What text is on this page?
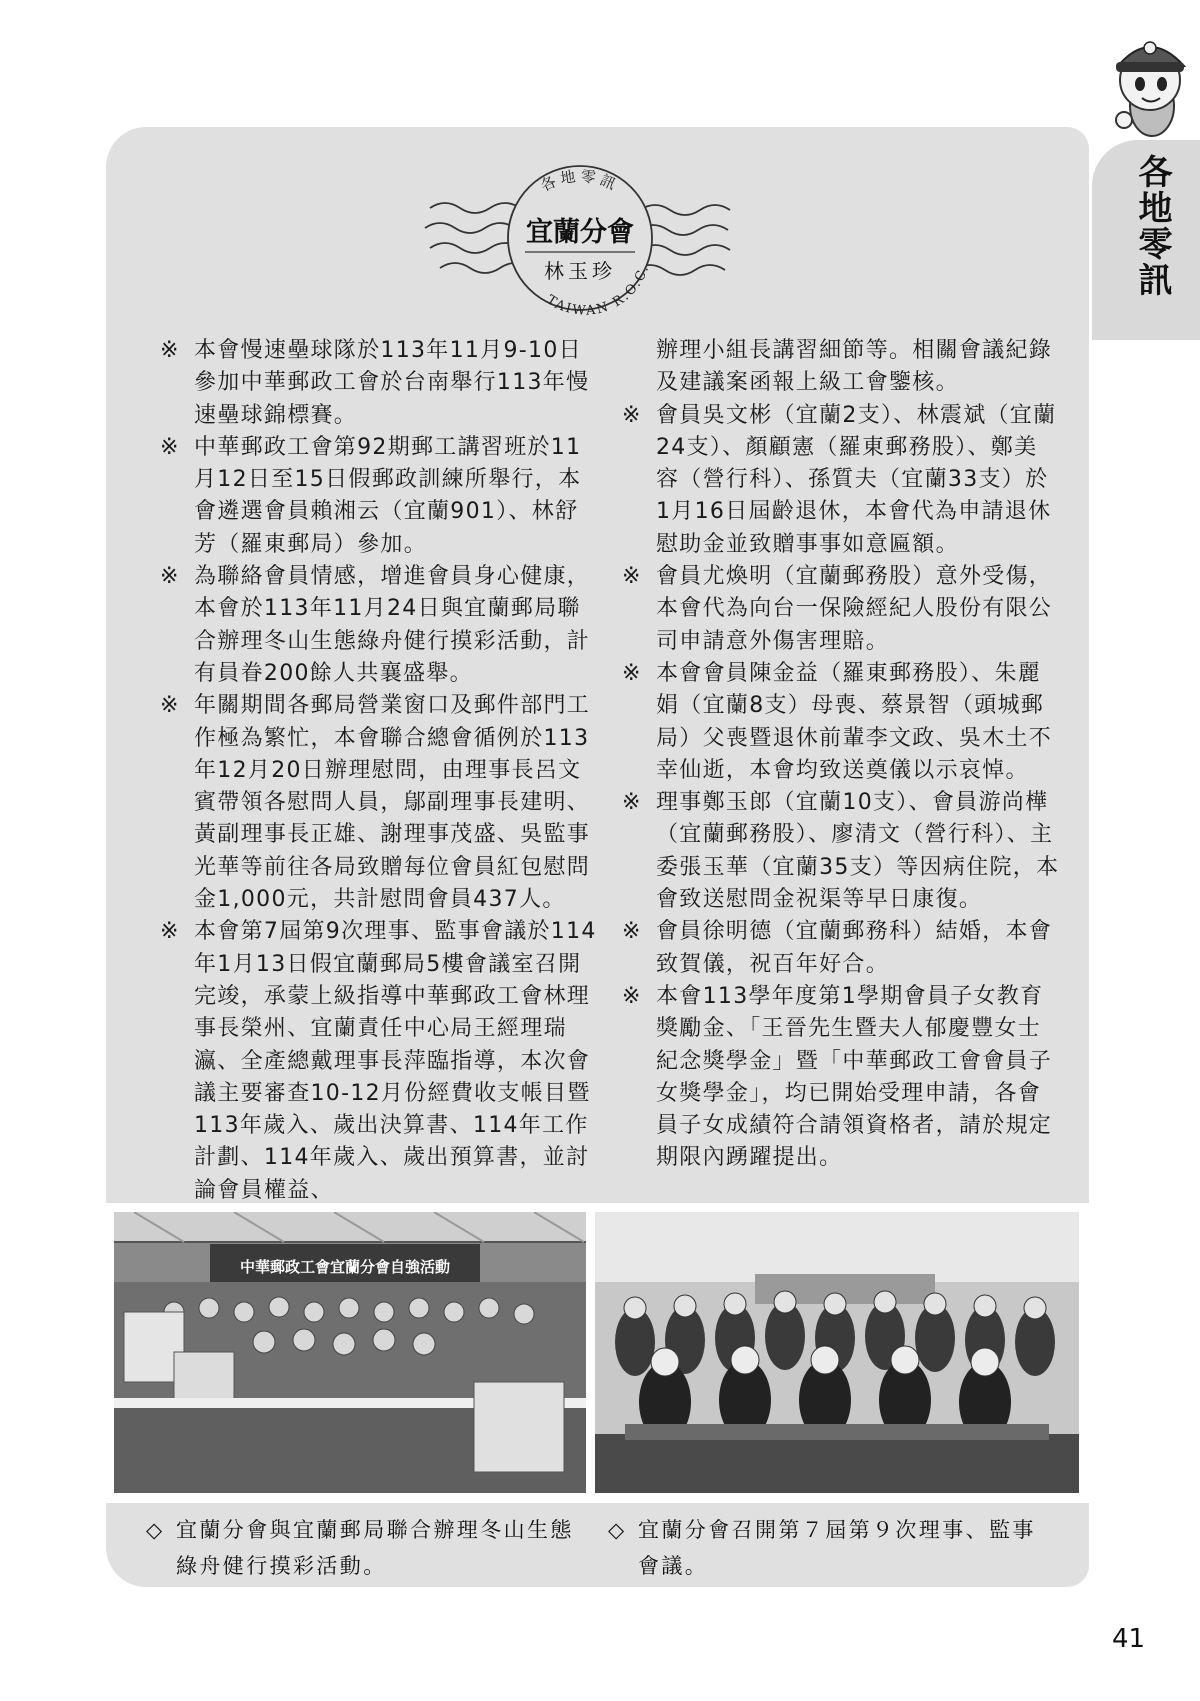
各地零訊
各地零訊
宜蘭分會
林玉珍
TAIWAN R.O.C.
※ 本會慢速壘球隊於113年11月9-10日參加中華郵政工會於台南舉行113年慢速壘球錦標賽。
※ 中華郵政工會第92期郵工講習班於11月12日至15日假郵政訓練所舉行，本會遴選會員賴湘云（宜蘭901）、林舒芳（羅東郵局）參加。
※ 為聯絡會員情感，增進會員身心健康，本會於113年11月24日與宜蘭郵局聯合辦理冬山生態綠舟健行摸彩活動，計有員眷200餘人共襄盛舉。
※ 年關期間各郵局營業窗口及郵件部門工作極為繁忙，本會聯合總會循例於113年12月20日辦理慰問，由理事長呂文賓帶領各慰問人員，鄔副理事長建明、黃副理事長正雄、謝理事茂盛、吳監事光華等前往各局致贈每位會員紅包慰問金1,000元，共計慰問會員437人。
※ 本會第7屆第9次理事、監事會議於114年1月13日假宜蘭郵局5樓會議室召開完竣，承蒙上級指導中華郵政工會林理事長榮州、宜蘭責任中心局王經理瑞瀛、全產總戴理事長萍臨指導，本次會議主要審查10-12月份經費收支帳目暨113年歲入、歲出決算書、114年工作計劃、114年歲入、歲出預算書，並討論會員權益、
辦理小組長講習細節等。相關會議紀錄及建議案函報上級工會鑒核。
※ 會員吳文彬（宜蘭2支）、林震斌（宜蘭24支）、顏顧憲（羅東郵務股）、鄭美容（營行科）、孫質夫（宜蘭33支）於1月16日屆齡退休，本會代為申請退休慰助金並致贈事事如意匾額。
※ 會員尤煥明（宜蘭郵務股）意外受傷，本會代為向台一保險經紀人股份有限公司申請意外傷害理賠。
※ 本會會員陳金益（羅東郵務股）、朱麗娟（宜蘭8支）母喪、蔡景智（頭城郵局）父喪暨退休前輩李文政、吳木土不幸仙逝，本會均致送奠儀以示哀悼。
※ 理事鄭玉郎（宜蘭10支）、會員游尚樺（宜蘭郵務股）、廖清文（營行科）、主委張玉華（宜蘭35支）等因病住院，本會致送慰問金祝渠等早日康復。
※ 會員徐明德（宜蘭郵務科）結婚，本會致賀儀，祝百年好合。
※ 本會113學年度第1學期會員子女教育獎勵金、「王晉先生暨夫人郁慶豐女士紀念獎學金」暨「中華郵政工會會員子女獎學金」，均已開始受理申請，各會員子女成績符合請領資格者，請於規定期限內踴躍提出。
中華郵政工會宜蘭分會自強活動
◇ 宜蘭分會與宜蘭郵局聯合辦理冬山生態綠舟健行摸彩活動。
◇ 宜蘭分會召開第７屆第９次理事、監事會議。
41
